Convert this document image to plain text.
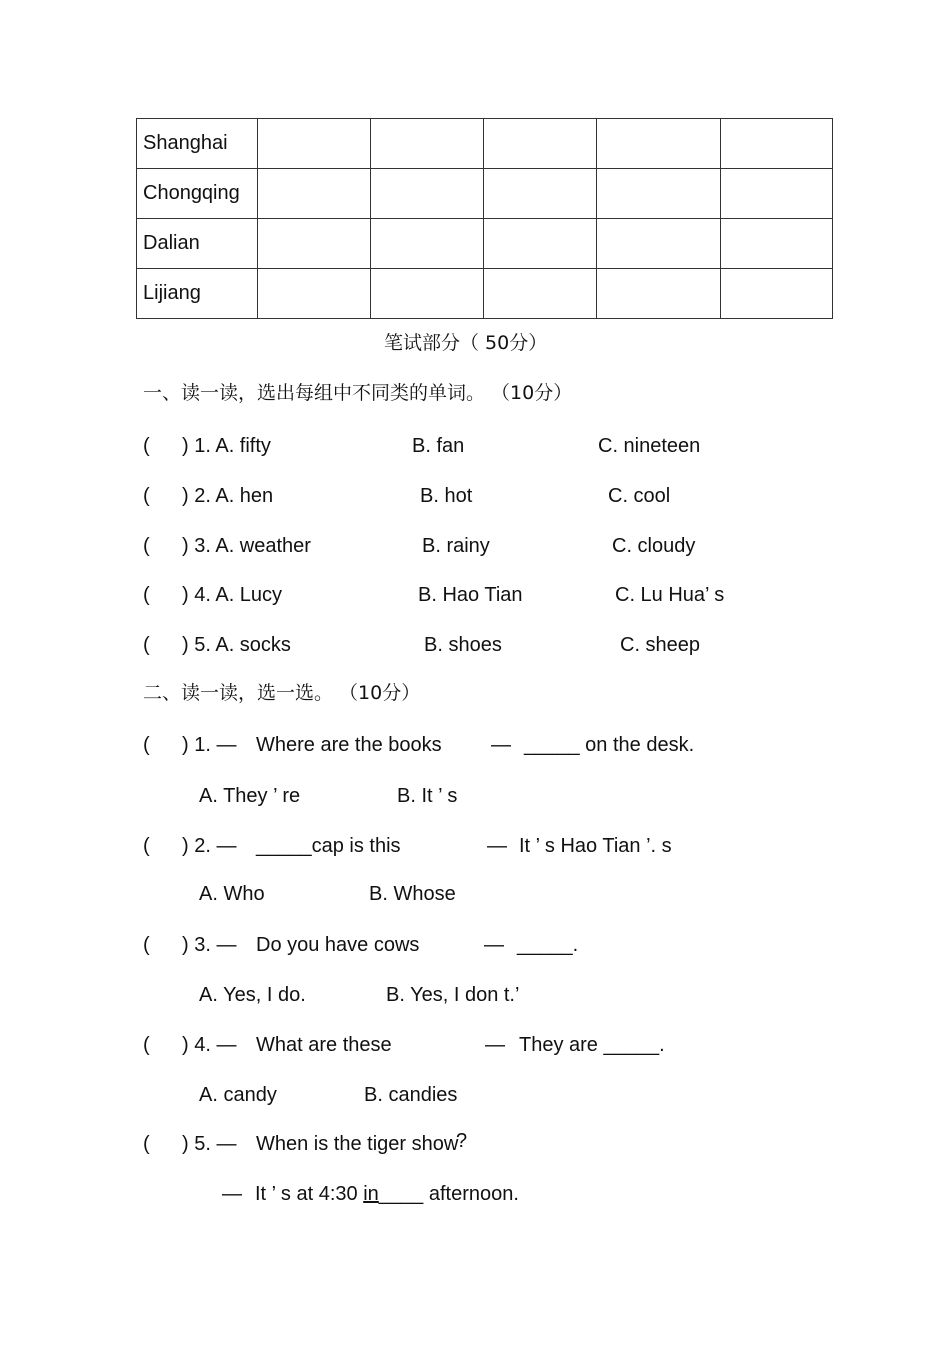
Shanghai					
Chongqing					
Dalian					
Lijiang					
笔试部分（ 50分）
一、读一读，选出每组中不同类的单词。 （10分）
( ) 1. A. fifty	B. fan	C. nineteen
( ) 2. A. hen	B. hot	C. cool
( ) 3. A. weather	B. rainy	C. cloudy
( ) 4. A. Lucy	B. Hao Tian	C. Lu Hua’ s
( ) 5. A. socks	B. shoes	C. sheep
二、读一读，选一选。 （10分）
( ) 1. — Where are the books — _____ on the desk.
A. They ’ re	B. It ’ s
( ) 2. — _____cap is this	— It ’ s Hao Tian ’. s
A. Who	B. Whose
( ) 3. — Do you have cows	— _____.
A. Yes, I do.	B. Yes, I don t.’
( ) 4. — What are these	— They are _____.
A. candy	B. candies
( ) 5. — When is the tiger show
?
— It ’ s at 4:30 in____ afternoon.
